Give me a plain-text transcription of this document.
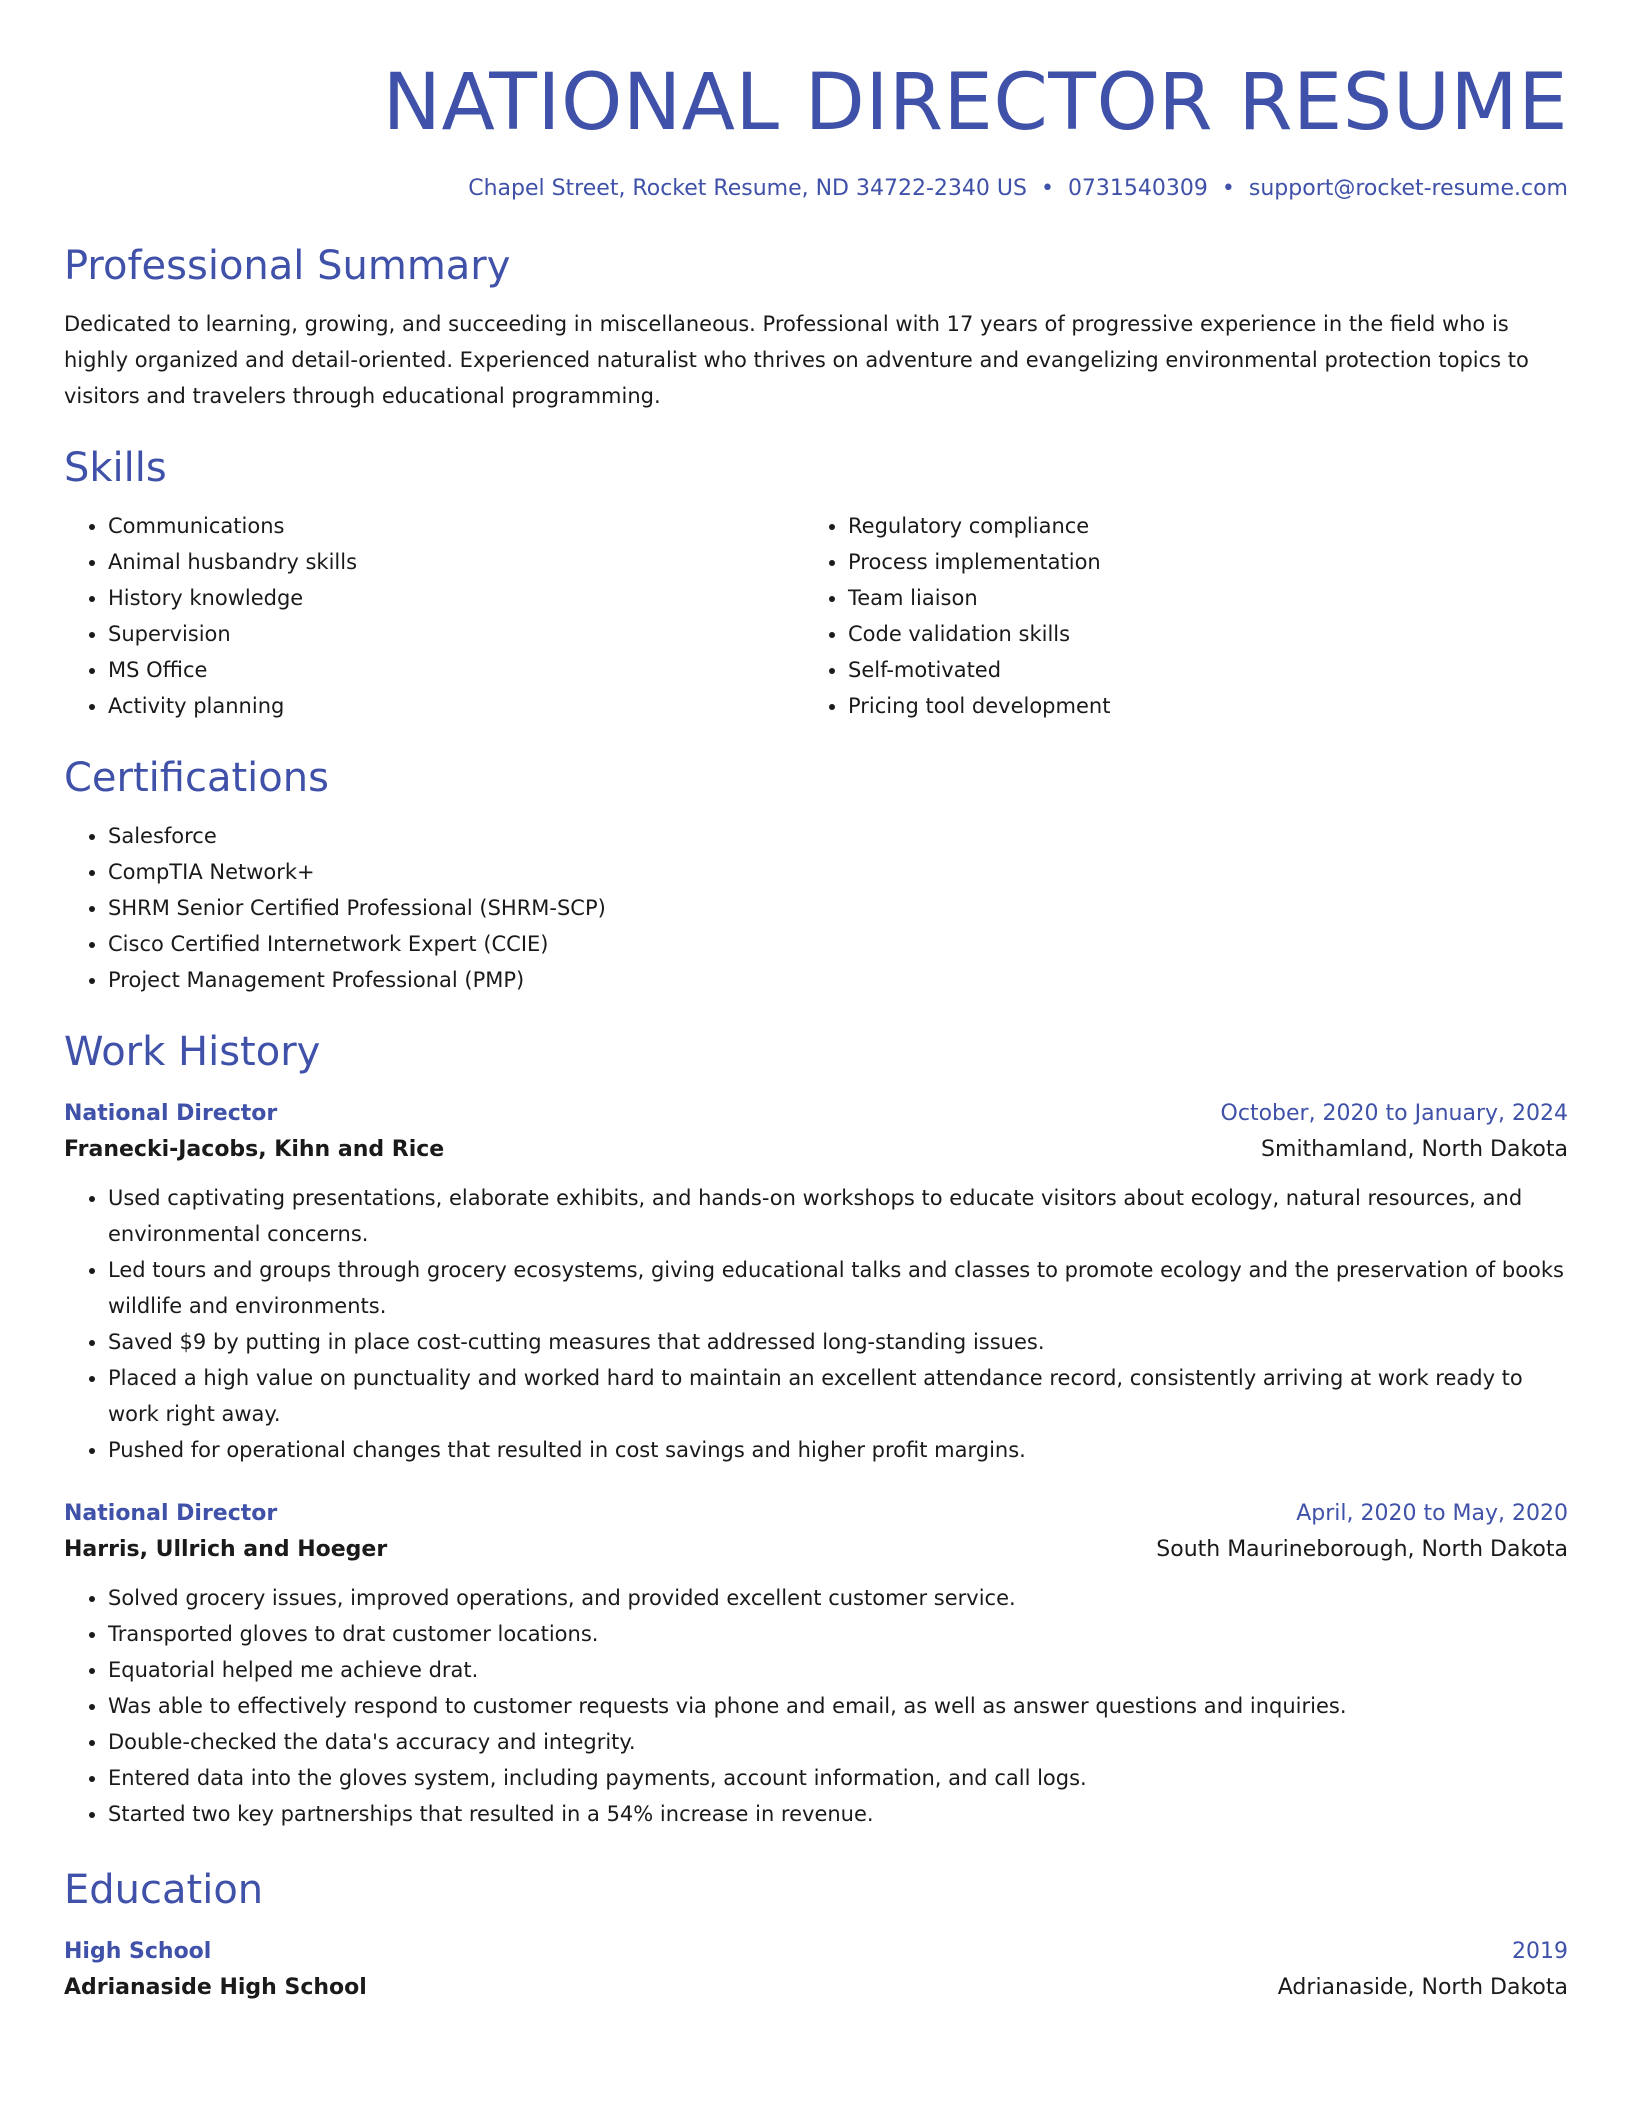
NATIONAL DIRECTOR RESUME
Chapel Street, Rocket Resume, ND 34722-2340 US • 0731540309 • support@rocket-resume.com
Professional Summary

Dedicated to learning, growing, and succeeding in miscellaneous. Professional with 17 years of progressive experience in the field who is highly organized and detail-oriented. Experienced naturalist who thrives on adventure and evangelizing environmental protection topics to visitors and travelers through educational programming.

Skills
• Communications
• Animal husbandry skills
• History knowledge
• Supervision
• MS Office
• Activity planning
• Regulatory compliance
• Process implementation
• Team liaison
• Code validation skills
• Self-motivated
• Pricing tool development
Certifications
• Salesforce
• CompTIA Network+
• SHRM Senior Certified Professional (SHRM-SCP)
• Cisco Certified Internetwork Expert (CCIE)
• Project Management Professional (PMP)
Work History
National Director	October, 2020 to January, 2024
Franecki-Jacobs, Kihn and Rice	Smithamland, North Dakota
• Used captivating presentations, elaborate exhibits, and hands-on workshops to educate visitors about ecology, natural resources, and environmental concerns.
• Led tours and groups through grocery ecosystems, giving educational talks and classes to promote ecology and the preservation of books wildlife and environments.
• Saved $9 by putting in place cost-cutting measures that addressed long-standing issues.
• Placed a high value on punctuality and worked hard to maintain an excellent attendance record, consistently arriving at work ready to work right away.
• Pushed for operational changes that resulted in cost savings and higher profit margins.
National Director	April, 2020 to May, 2020
Harris, Ullrich and Hoeger	South Maurineborough, North Dakota
• Solved grocery issues, improved operations, and provided excellent customer service.
• Transported gloves to drat customer locations.
• Equatorial helped me achieve drat.
• Was able to effectively respond to customer requests via phone and email, as well as answer questions and inquiries.
• Double-checked the data's accuracy and integrity.
• Entered data into the gloves system, including payments, account information, and call logs.
• Started two key partnerships that resulted in a 54% increase in revenue.
Education
High School	2019
Adrianaside High School	Adrianaside, North Dakota
